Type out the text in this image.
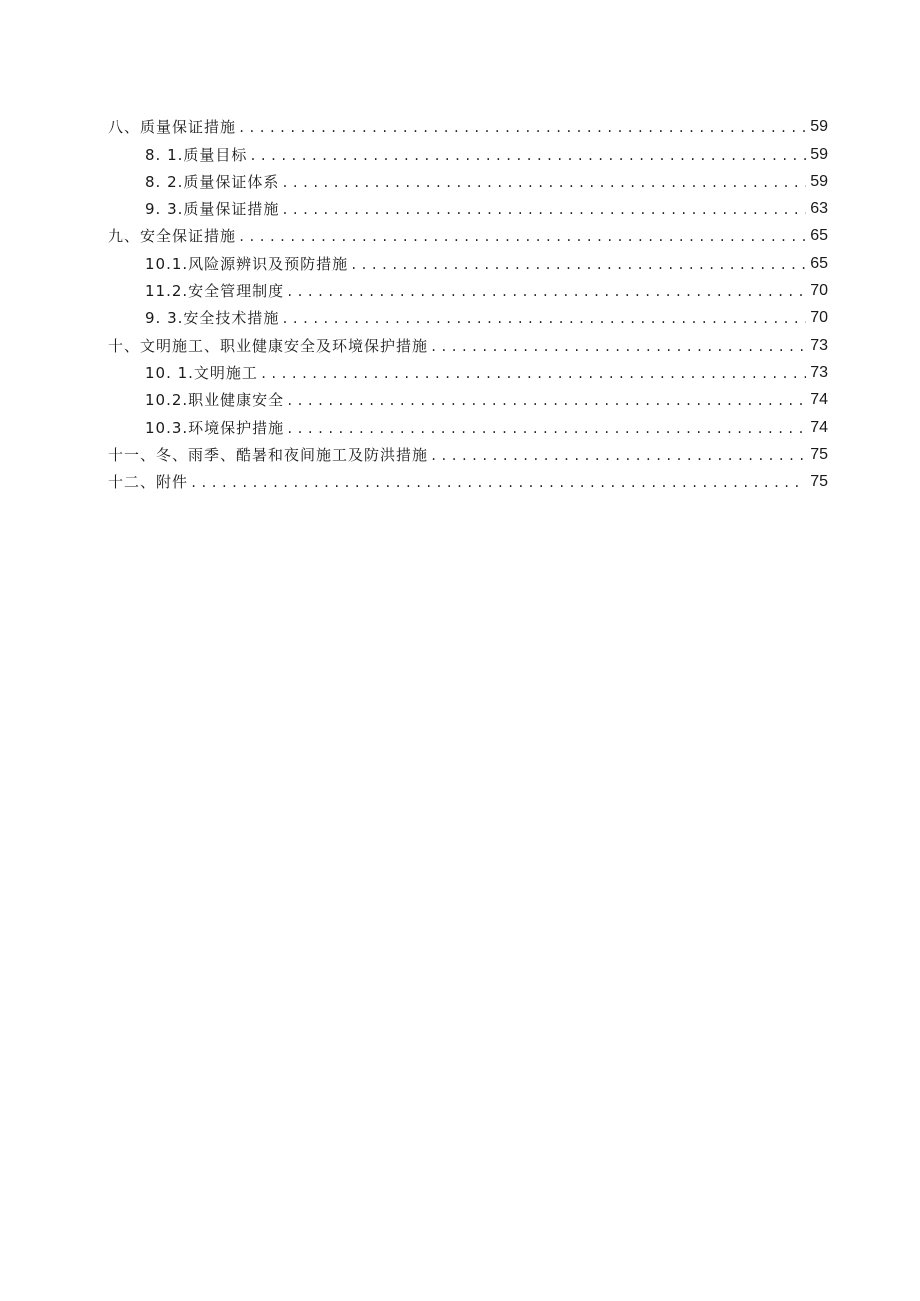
八、质量保证措施 .....	59
8. 1.质量目标 .....	59
8. 2.质量保证体系 .....	59
9. 3.质量保证措施 .....	63
九、安全保证措施 .....	65
10.1.风险源辨识及预防措施 .....	65
11.2.安全管理制度 .....	70
9. 3.安全技术措施 .....	70
十、文明施工、职业健康安全及环境保护措施 .....	73
10. 1.文明施工 .....	73
10.2.职业健康安全 .....	74
10.3.环境保护措施 .....	74
十一、冬、雨季、酷暑和夜间施工及防洪措施 .....	75
十二、附件 .....	75
